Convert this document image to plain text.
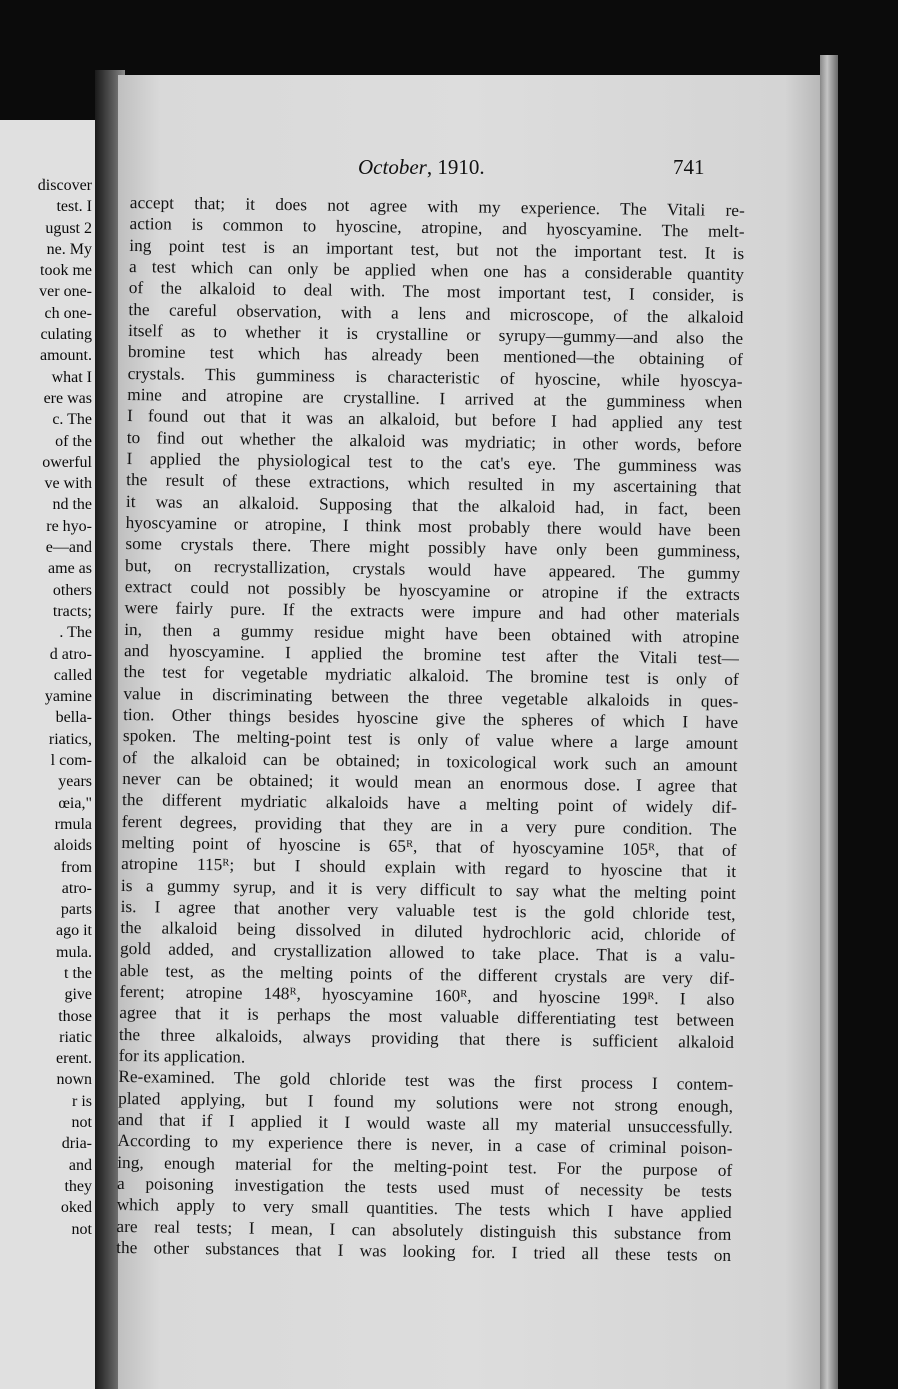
discover
test. I
ugust 2
ne. My
took me
ver one-
ch one-
culating
amount.
what I
ere was
c. The
of the
owerful
ve with
nd the
re hyo-
e—and
ame as
others
tracts;
. The
d atro-
called
yamine
bella-
riatics,
l com-
years
œia,"
rmula
aloids
from
atro-
parts
ago it
mula.
t the
give
those
riatic
erent.
nown
r is
not
dria-
and
they
oked
not
October, 1910.	741
accept that; it does not agree with my experience. The Vitali re-
action is common to hyoscine, atropine, and hyoscyamine. The melt-
ing point test is an important test, but not the important test. It is
a test which can only be applied when one has a considerable quantity
of the alkaloid to deal with. The most important test, I consider, is
the careful observation, with a lens and microscope, of the alkaloid
itself as to whether it is crystalline or syrupy—gummy—and also the
bromine test which has already been mentioned—the obtaining of
crystals. This gumminess is characteristic of hyoscine, while hyoscya-
mine and atropine are crystalline. I arrived at the gumminess when
I found out that it was an alkaloid, but before I had applied any test
to find out whether the alkaloid was mydriatic; in other words, before
I applied the physiological test to the cat's eye. The gumminess was
the result of these extractions, which resulted in my ascertaining that
it was an alkaloid. Supposing that the alkaloid had, in fact, been
hyoscyamine or atropine, I think most probably there would have been
some crystals there. There might possibly have only been gumminess,
but, on recrystallization, crystals would have appeared. The gummy
extract could not possibly be hyoscyamine or atropine if the extracts
were fairly pure. If the extracts were impure and had other materials
in, then a gummy residue might have been obtained with atropine
and hyoscyamine. I applied the bromine test after the Vitali test—
the test for vegetable mydriatic alkaloid. The bromine test is only of
value in discriminating between the three vegetable alkaloids in ques-
tion. Other things besides hyoscine give the spheres of which I have
spoken. The melting-point test is only of value where a large amount
of the alkaloid can be obtained; in toxicological work such an amount
never can be obtained; it would mean an enormous dose. I agree that
the different mydriatic alkaloids have a melting point of widely dif-
ferent degrees, providing that they are in a very pure condition. The
melting point of hyoscine is 65ᴿ, that of hyoscyamine 105ᴿ, that of
atropine 115ᴿ; but I should explain with regard to hyoscine that it
is a gummy syrup, and it is very difficult to say what the melting point
is. I agree that another very valuable test is the gold chloride test,
the alkaloid being dissolved in diluted hydrochloric acid, chloride of
gold added, and crystallization allowed to take place. That is a valu-
able test, as the melting points of the different crystals are very dif-
ferent; atropine 148ᴿ, hyoscyamine 160ᴿ, and hyoscine 199ᴿ. I also
agree that it is perhaps the most valuable differentiating test between
the three alkaloids, always providing that there is sufficient alkaloid
for its application.
Re-examined. The gold chloride test was the first process I contem-
plated applying, but I found my solutions were not strong enough,
and that if I applied it I would waste all my material unsuccessfully.
According to my experience there is never, in a case of criminal poison-
ing, enough material for the melting-point test. For the purpose of
a poisoning investigation the tests used must of necessity be tests
which apply to very small quantities. The tests which I have applied
are real tests; I mean, I can absolutely distinguish this substance from
the other substances that I was looking for. I tried all these tests on
